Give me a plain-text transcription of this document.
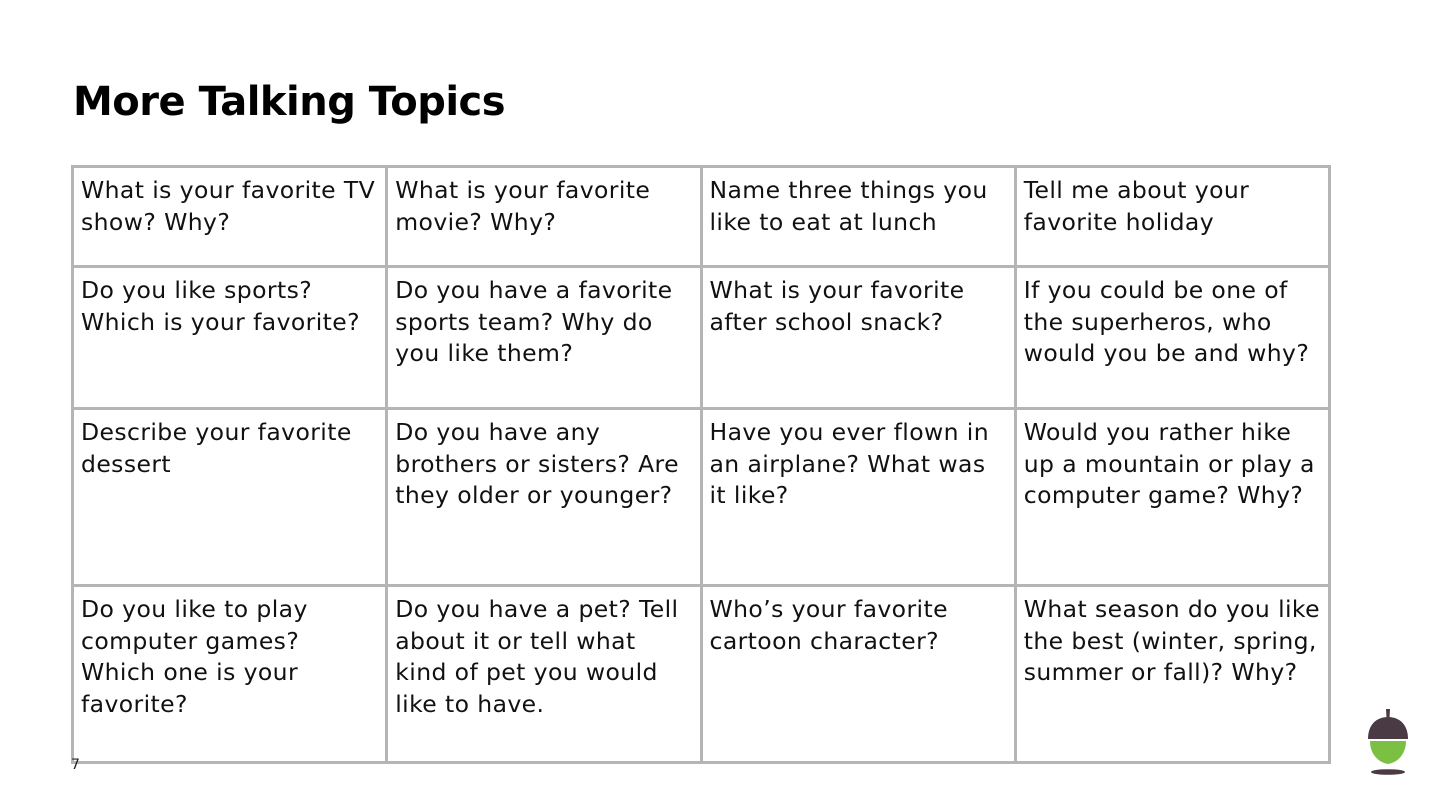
More Talking Topics
What is your favorite TV show? Why?	What is your favorite movie? Why?	Name three things you like to eat at lunch	Tell me about your favorite holiday
Do you like sports? Which is your favorite?	Do you have a favorite sports team? Why do you like them?	What is your favorite after school snack?	If you could be one of the superheros, who would you be and why?
Describe your favorite dessert	Do you have any brothers or sisters? Are they older or younger?	Have you ever flown in an airplane? What was it like?	Would you rather hike up a mountain or play a computer game? Why?
Do you like to play computer games? Which one is your favorite?	Do you have a pet? Tell about it or tell what kind of pet you would like to have.	Who’s your favorite cartoon character?	What season do you like the best (winter, spring, summer or fall)? Why?
7
